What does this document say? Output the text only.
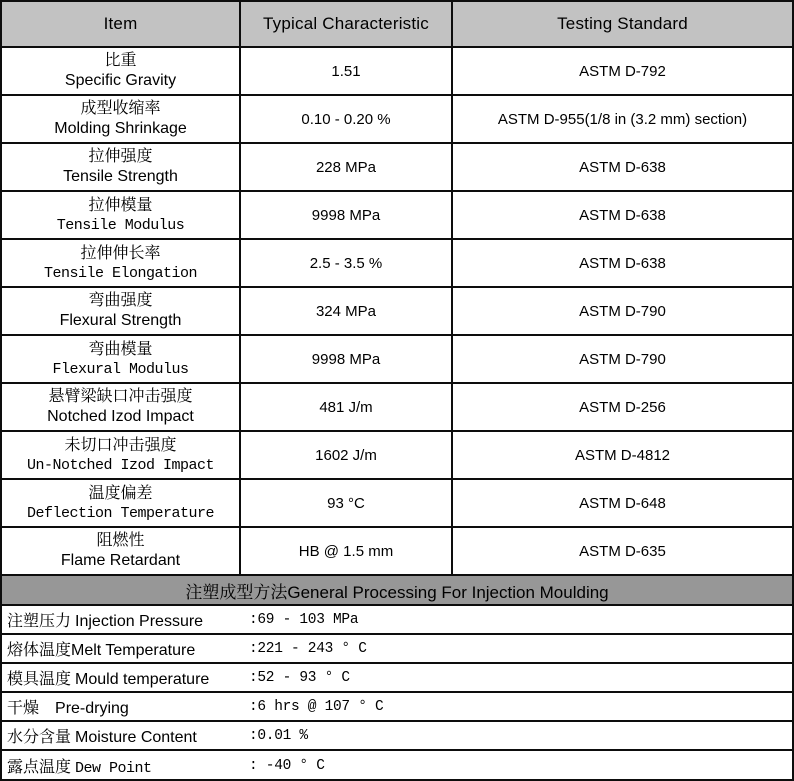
Item	Typical Characteristic	Testing Standard
比重
Specific Gravity
1.51	ASTM D-792
成型收缩率
Molding Shrinkage
0.10 - 0.20 %	ASTM D-955(1/8 in (3.2 mm) section)
拉伸强度
Tensile Strength
228 MPa	ASTM D-638
拉伸模量
Tensile Modulus
9998 MPa	ASTM D-638
拉伸伸长率
Tensile Elongation
2.5 - 3.5 %	ASTM D-638
弯曲强度
Flexural Strength
324 MPa	ASTM D-790
弯曲模量
Flexural Modulus
9998 MPa	ASTM D-790
悬臂梁缺口冲击强度
Notched Izod Impact
481 J/m	ASTM D-256
未切口冲击强度
Un-Notched Izod Impact
1602 J/m	ASTM D-4812
温度偏差
Deflection Temperature
93 °C	ASTM D-648
阻燃性
Flame Retardant
HB @ 1.5 mm	ASTM D-635
注塑成型方法General Processing For Injection Moulding
注塑压力 Injection Pressure	:69 - 103 MPa
熔体温度 Melt Temperature	:221 - 243 ° C
模具温度 Mould temperature	:52 - 93 ° C
干燥 Pre-drying	:6 hrs @ 107 ° C
水分含量 Moisture Content	:0.01 %
露点温度 Dew Point	: -40 ° C
